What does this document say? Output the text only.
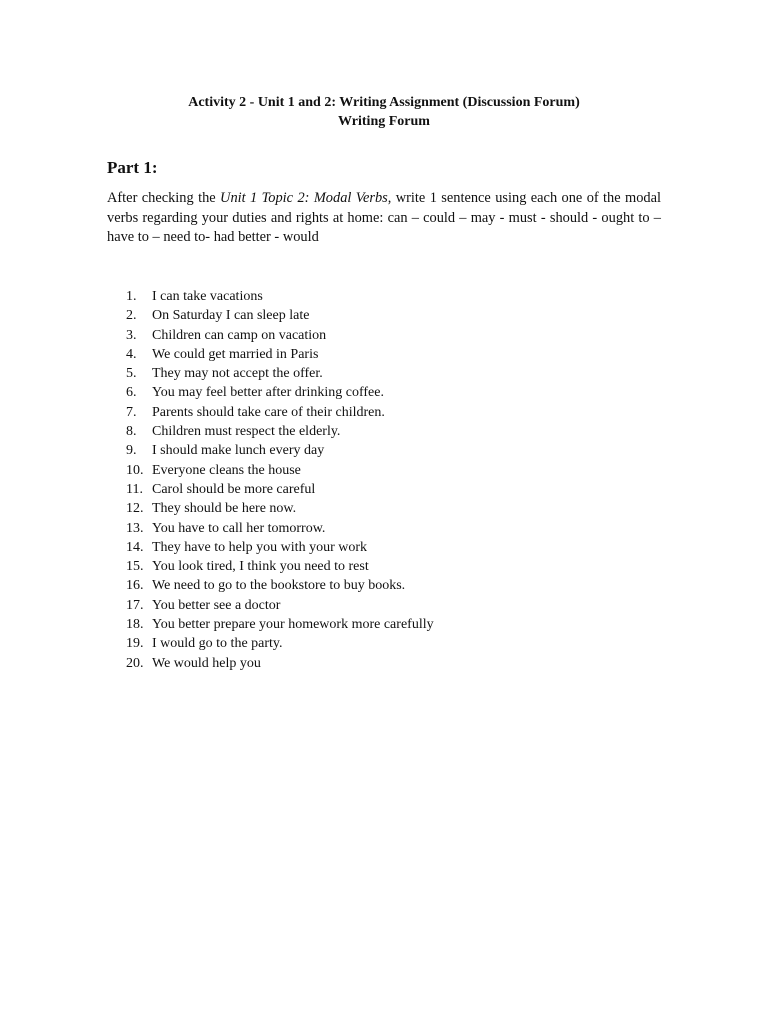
Activity 2 - Unit 1 and 2: Writing Assignment (Discussion Forum)
Writing Forum
Part 1:

After checking the Unit 1 Topic 2: Modal Verbs, write 1 sentence using each one of the modal verbs regarding your duties and rights at home: can – could – may - must - should - ought to – have to – need to- had better - would

1. I can take vacations
2. On Saturday I can sleep late
3. Children can camp on vacation
4. We could get married in Paris
5. They may not accept the offer.
6. You may feel better after drinking coffee.
7. Parents should take care of their children.
8. Children must respect the elderly.
9. I should make lunch every day
10. Everyone cleans the house
11. Carol should be more careful
12. They should be here now.
13. You have to call her tomorrow.
14. They have to help you with your work
15. You look tired, I think you need to rest
16. We need to go to the bookstore to buy books.
17. You better see a doctor
18. You better prepare your homework more carefully
19. I would go to the party.
20. We would help you
